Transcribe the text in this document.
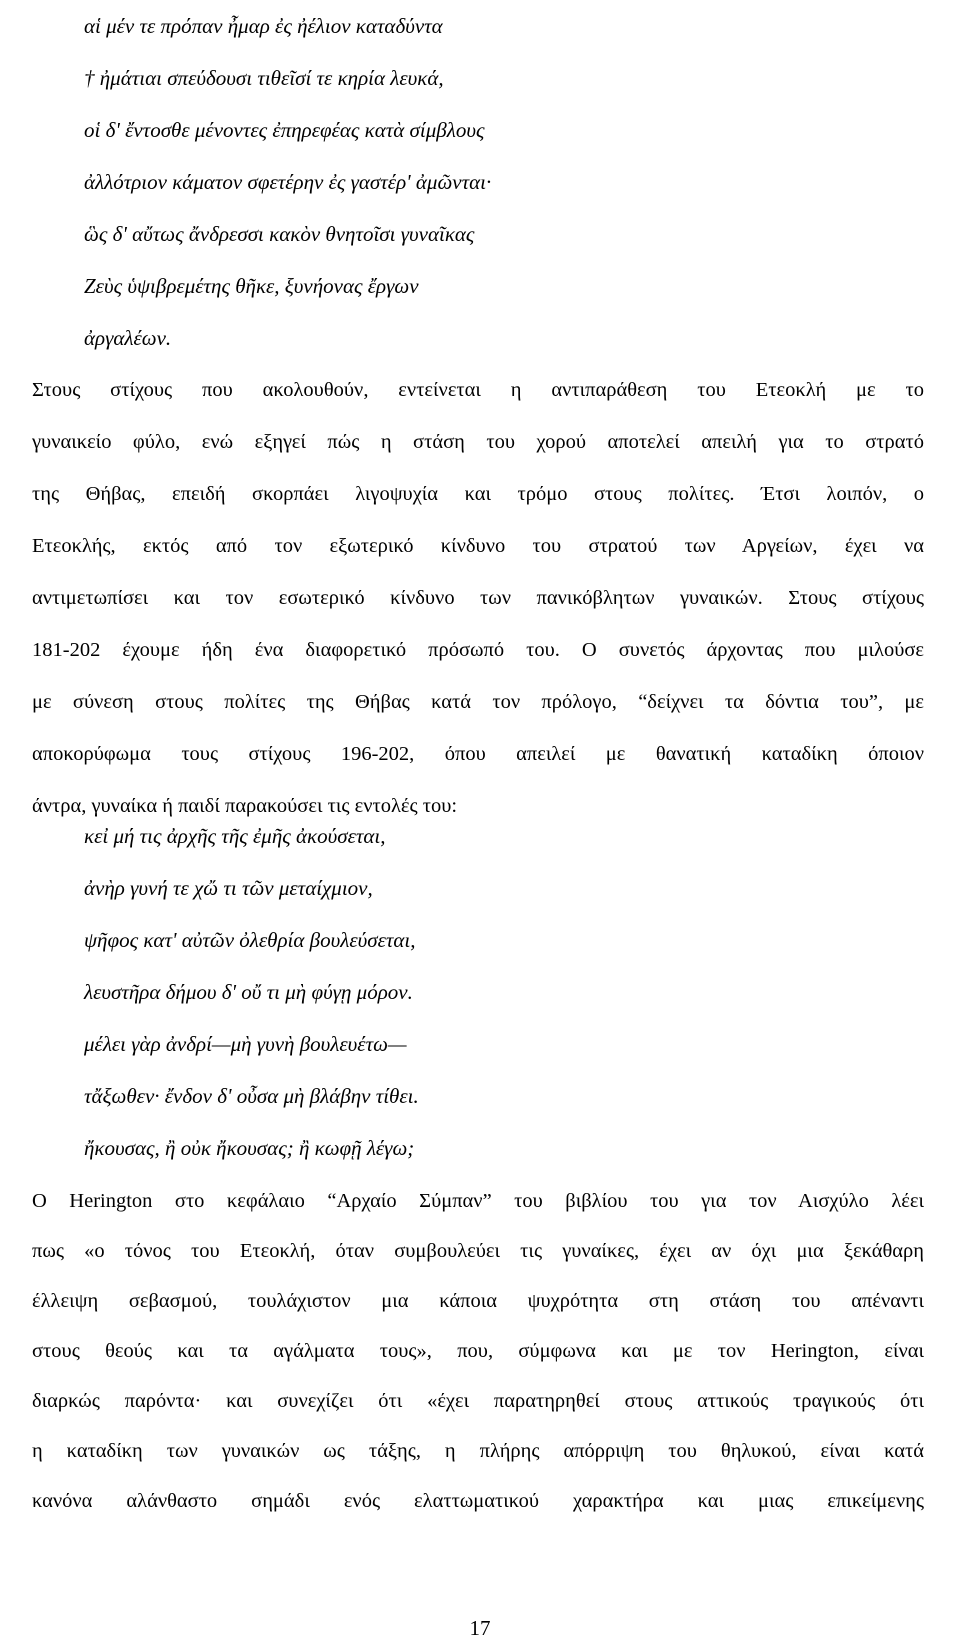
αἱ μέν τε πρόπαν ἦμαρ ἐς ἠέλιον καταδύντα
† ἠμάτιαι σπεύδουσι τιθεῖσί τε κηρία λευκά,
οἱ δʹ ἔντοσθε μένοντες ἐπηρεφέας κατὰ σίμβλους
ἀλλότριον κάματον σφετέρην ἐς γαστέρʹ ἀμῶνται·
ὣς δʹ αὔτως ἄνδρεσσι κακὸν θνητοῖσι γυναῖκας
Ζεὺς ὑψιβρεμέτης θῆκε, ξυνήονας ἔργων
ἀργαλέων.
Στους στίχους που ακολουθούν, εντείνεται η αντιπαράθεση του Ετεοκλή με το
γυναικείο φύλο, ενώ εξηγεί πώς η στάση του χορού αποτελεί απειλή για το στρατό
της Θήβας, επειδή σκορπάει λιγοψυχία και τρόμο στους πολίτες. Έτσι λοιπόν, ο
Ετεοκλής, εκτός από τον εξωτερικό κίνδυνο του στρατού των Αργείων, έχει να
αντιμετωπίσει και τον εσωτερικό κίνδυνο των πανικόβλητων γυναικών. Στους στίχους
181-202 έχουμε ήδη ένα διαφορετικό πρόσωπό του. Ο συνετός άρχοντας που μιλούσε
με σύνεση στους πολίτες της Θήβας κατά τον πρόλογο, “δείχνει τα δόντια του”, με
αποκορύφωμα τους στίχους 196-202, όπου απειλεί με θανατική καταδίκη όποιον
άντρα, γυναίκα ή παιδί παρακούσει τις εντολές του:
κεἰ μή τις ἀρχῆς τῆς ἐμῆς ἀκούσεται,
ἀνὴρ γυνή τε χὤ τι τῶν μεταίχμιον,
ψῆφος κατʹ αὐτῶν ὀλεθρία βουλεύσεται,
λευστῆρα δήμου δʹ οὔ τι μὴ φύγῃ μόρον.
μέλει γὰρ ἀνδρί—μὴ γυνὴ βουλευέτω—
τἄξωθεν· ἔνδον δʹ οὖσα μὴ βλάβην τίθει.
ἤκουσας, ἢ οὐκ ἤκουσας; ἢ κωφῇ λέγω;
Ο Herington στο κεφάλαιο “Αρχαίο Σύμπαν” του βιβλίου του για τον Αισχύλο λέει
πως «ο τόνος του Ετεοκλή, όταν συμβουλεύει τις γυναίκες, έχει αν όχι μια ξεκάθαρη
έλλειψη σεβασμού, τουλάχιστον μια κάποια ψυχρότητα στη στάση του απέναντι
στους θεούς και τα αγάλματα τους», που, σύμφωνα και με τον Herington, είναι
διαρκώς παρόντα· και συνεχίζει ότι «έχει παρατηρηθεί στους αττικούς τραγικούς ότι
η καταδίκη των γυναικών ως τάξης, η πλήρης απόρριψη του θηλυκού, είναι κατά
κανόνα αλάνθαστο σημάδι ενός ελαττωματικού χαρακτήρα και μιας επικείμενης
17
